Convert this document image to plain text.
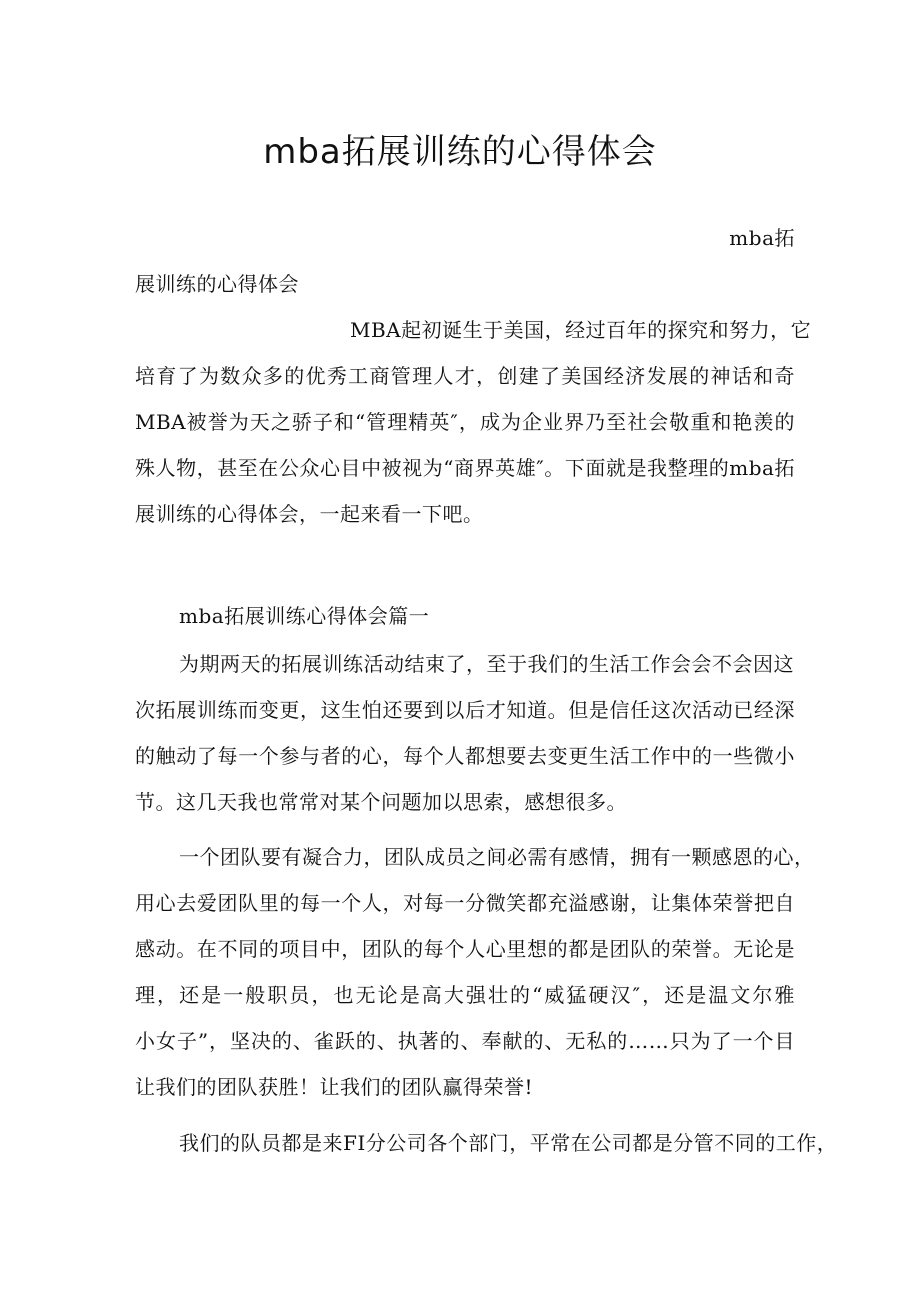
mba拓展训练的心得体会
mba拓
展训练的心得体会
MBA起初诞生于美国，经过百年的探究和努力，它
培育了为数众多的优秀工商管理人才，创建了美国经济发展的神话和奇
MBA被誉为天之骄子和“管理精英″，成为企业界乃至社会敬重和艳羡的
殊人物，甚至在公众心目中被视为“商界英雄″。下面就是我整理的mba拓
展训练的心得体会，一起来看一下吧。
mba拓展训练心得体会篇一
为期两天的拓展训练活动结束了，至于我们的生活工作会会不会因这
次拓展训练而变更，这生怕还要到以后才知道。但是信任这次活动已经深
的触动了每一个参与者的心，每个人都想要去变更生活工作中的一些微小
节。这几天我也常常对某个问题加以思索，感想很多。
一个团队要有凝合力，团队成员之间必需有感情，拥有一颗感恩的心，
用心去爱团队里的每一个人，对每一分微笑都充溢感谢，让集体荣誉把自
感动。在不同的项目中，团队的每个人心里想的都是团队的荣誉。无论是
理，还是一般职员，也无论是高大强壮的“威猛硬汉″，还是温文尔雅
小女子”，坚决的、雀跃的、执著的、奉献的、无私的……只为了一个目
让我们的团队获胜！让我们的团队赢得荣誉!
我们的队员都是来FI分公司各个部门，平常在公司都是分管不同的工作，
